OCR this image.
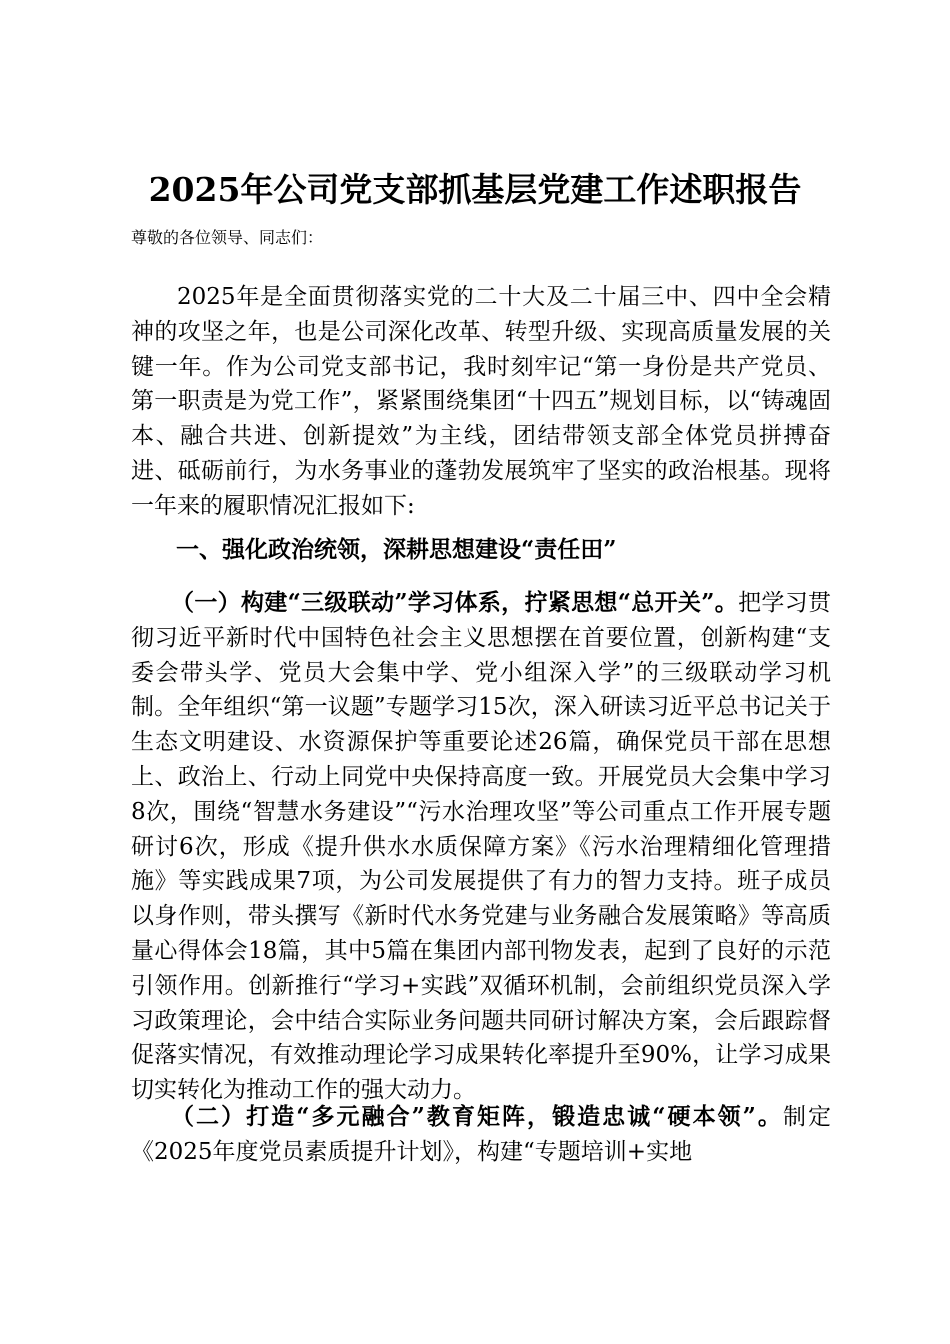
2025年公司党支部抓基层党建工作述职报告
尊敬的各位领导、同志们：
2025年是全面贯彻落实党的二十大及二十届三中、四中全会精神的攻坚之年，也是公司深化改革、转型升级、实现高质量发展的关键一年。作为公司党支部书记，我时刻牢记“第一身份是共产党员、第一职责是为党工作”，紧紧围绕集团“十四五”规划目标，以“铸魂固本、融合共进、创新提效”为主线，团结带领支部全体党员拼搏奋进、砥砺前行，为水务事业的蓬勃发展筑牢了坚实的政治根基。现将一年来的履职情况汇报如下:
一、强化政治统领，深耕思想建设“责任田”
（一）构建“三级联动”学习体系，拧紧思想“总开关”。把学习贯彻习近平新时代中国特色社会主义思想摆在首要位置，创新构建“支委会带头学、党员大会集中学、党小组深入学”的三级联动学习机制。全年组织“第一议题”专题学习15次，深入研读习近平总书记关于生态文明建设、水资源保护等重要论述26篇，确保党员干部在思想上、政治上、行动上同党中央保持高度一致。开展党员大会集中学习8次，围绕“智慧水务建设”“污水治理攻坚”等公司重点工作开展专题研讨6次，形成《提升供水水质保障方案》《污水治理精细化管理措施》等实践成果7项，为公司发展提供了有力的智力支持。班子成员以身作则，带头撰写《新时代水务党建与业务融合发展策略》等高质量心得体会18篇，其中5篇在集团内部刊物发表，起到了良好的示范引领作用。创新推行“学习+实践”双循环机制，会前组织党员深入学习政策理论，会中结合实际业务问题共同研讨解决方案，会后跟踪督促落实情况，有效推动理论学习成果转化率提升至90%，让学习成果切实转化为推动工作的强大动力。
（二）打造“多元融合”教育矩阵，锻造忠诚“硬本领”。制定《2025年度党员素质提升计划》，构建“专题培训+实地
